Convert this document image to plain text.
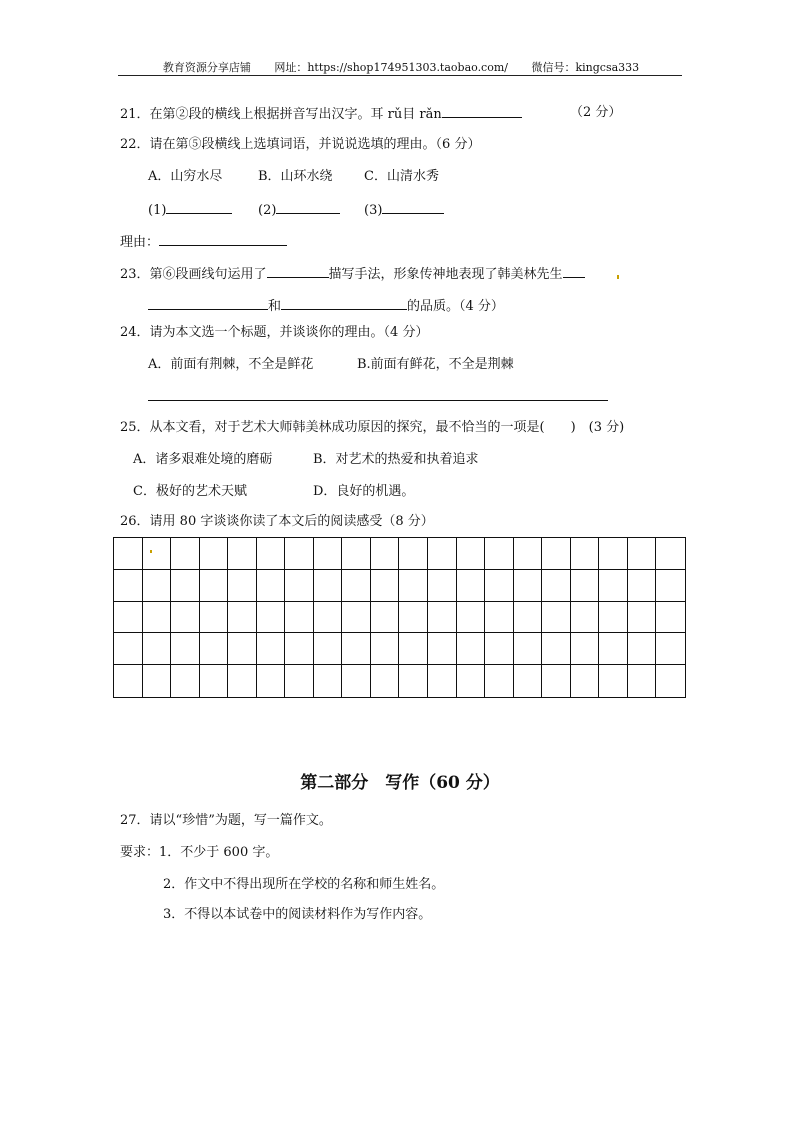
教育资源分享店铺 网址：https://shop174951303.taobao.com/ 微信号：kingcsa333
21．在第②段的横线上根据拼音写出汉字。耳 rǔ目 rǎn	（2 分）
22．请在第⑤段横线上选填词语，并说说选填的理由。（6 分）
A．山穷水尽	B．山环水绕 C．山清水秀
(1)	(2)	(3)
理由：
23．第⑥段画线句运用了	描写手法，形象传神地表现了韩美林先生
和	的品质。（4 分）
24．请为本文选一个标题，并谈谈你的理由。（4 分）
A．前面有荆棘，不全是鲜花	B.前面有鲜花，不全是荆棘
25．从本文看，对于艺术大师韩美林成功原因的探究，最不恰当的一项是(　　)　(3 分)
A．诸多艰难处境的磨砺	B．对艺术的热爱和执着追求
C．极好的艺术天赋	D．良好的机遇。
26．请用 80 字谈谈你读了本文后的阅读感受（8 分）
第二部分　写作（60 分）
27．请以“珍惜”为题，写一篇作文。
要求：1．不少于 600 字。
2．作文中不得出现所在学校的名称和师生姓名。
3．不得以本试卷中的阅读材料作为写作内容。
